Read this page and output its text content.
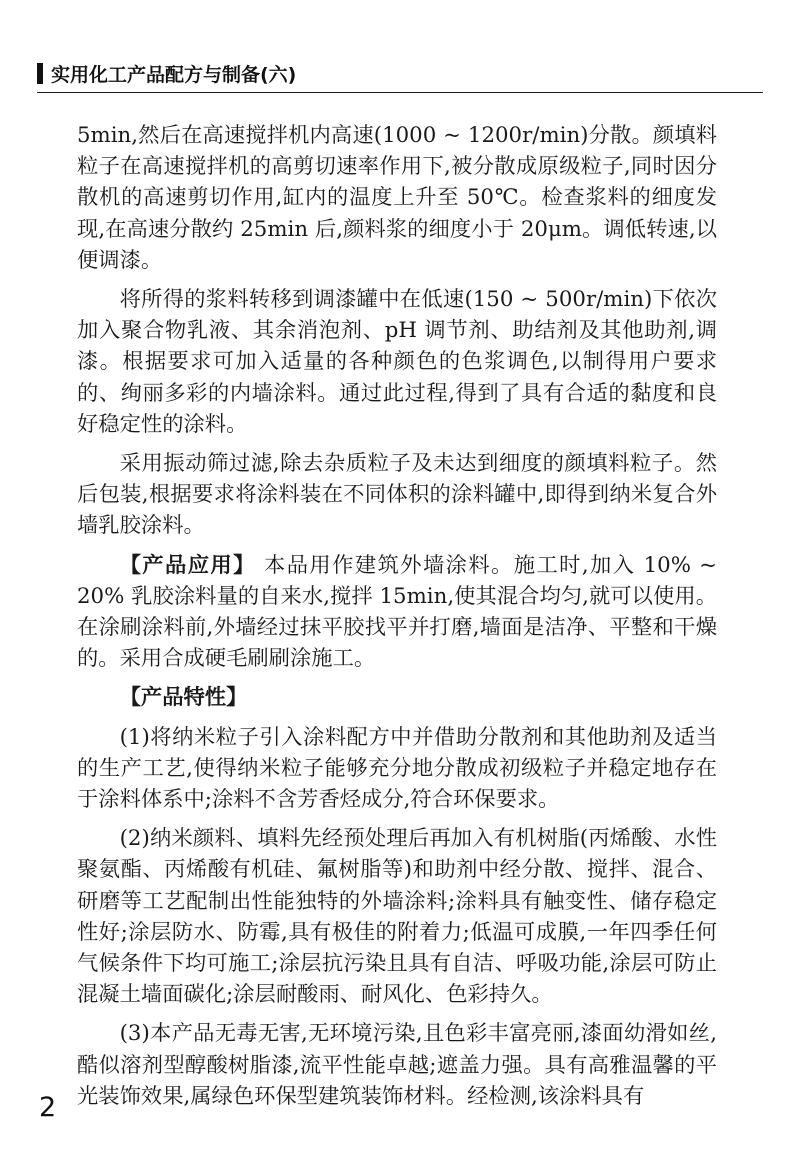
实用化工产品配方与制备(六)

5min,然后在高速搅拌机内高速(1000 ~ 1200r/min)分散。颜填料粒子在高速搅拌机的高剪切速率作用下,被分散成原级粒子,同时因分散机的高速剪切作用,缸内的温度上升至 50℃。检查浆料的细度发现,在高速分散约 25min 后,颜料浆的细度小于 20μm。调低转速,以便调漆。

将所得的浆料转移到调漆罐中在低速(150 ~ 500r/min)下依次加入聚合物乳液、其余消泡剂、pH 调节剂、助结剂及其他助剂,调漆。根据要求可加入适量的各种颜色的色浆调色,以制得用户要求的、绚丽多彩的内墙涂料。通过此过程,得到了具有合适的黏度和良好稳定性的涂料。

采用振动筛过滤,除去杂质粒子及未达到细度的颜填料粒子。然后包装,根据要求将涂料装在不同体积的涂料罐中,即得到纳米复合外墙乳胶涂料。

【产品应用】 本品用作建筑外墙涂料。施工时,加入 10% ~ 20% 乳胶涂料量的自来水,搅拌 15min,使其混合均匀,就可以使用。在涂刷涂料前,外墙经过抹平胶找平并打磨,墙面是洁净、平整和干燥的。采用合成硬毛刷刷涂施工。

【产品特性】

(1)将纳米粒子引入涂料配方中并借助分散剂和其他助剂及适当的生产工艺,使得纳米粒子能够充分地分散成初级粒子并稳定地存在于涂料体系中;涂料不含芳香烃成分,符合环保要求。

(2)纳米颜料、填料先经预处理后再加入有机树脂(丙烯酸、水性聚氨酯、丙烯酸有机硅、氟树脂等)和助剂中经分散、搅拌、混合、研磨等工艺配制出性能独特的外墙涂料;涂料具有触变性、储存稳定性好;涂层防水、防霉,具有极佳的附着力;低温可成膜,一年四季任何气候条件下均可施工;涂层抗污染且具有自洁、呼吸功能,涂层可防止混凝土墙面碳化;涂层耐酸雨、耐风化、色彩持久。

(3)本产品无毒无害,无环境污染,且色彩丰富亮丽,漆面幼滑如丝,酷似溶剂型醇酸树脂漆,流平性能卓越;遮盖力强。具有高雅温馨的平光装饰效果,属绿色环保型建筑装饰材料。经检测,该涂料具有

2
